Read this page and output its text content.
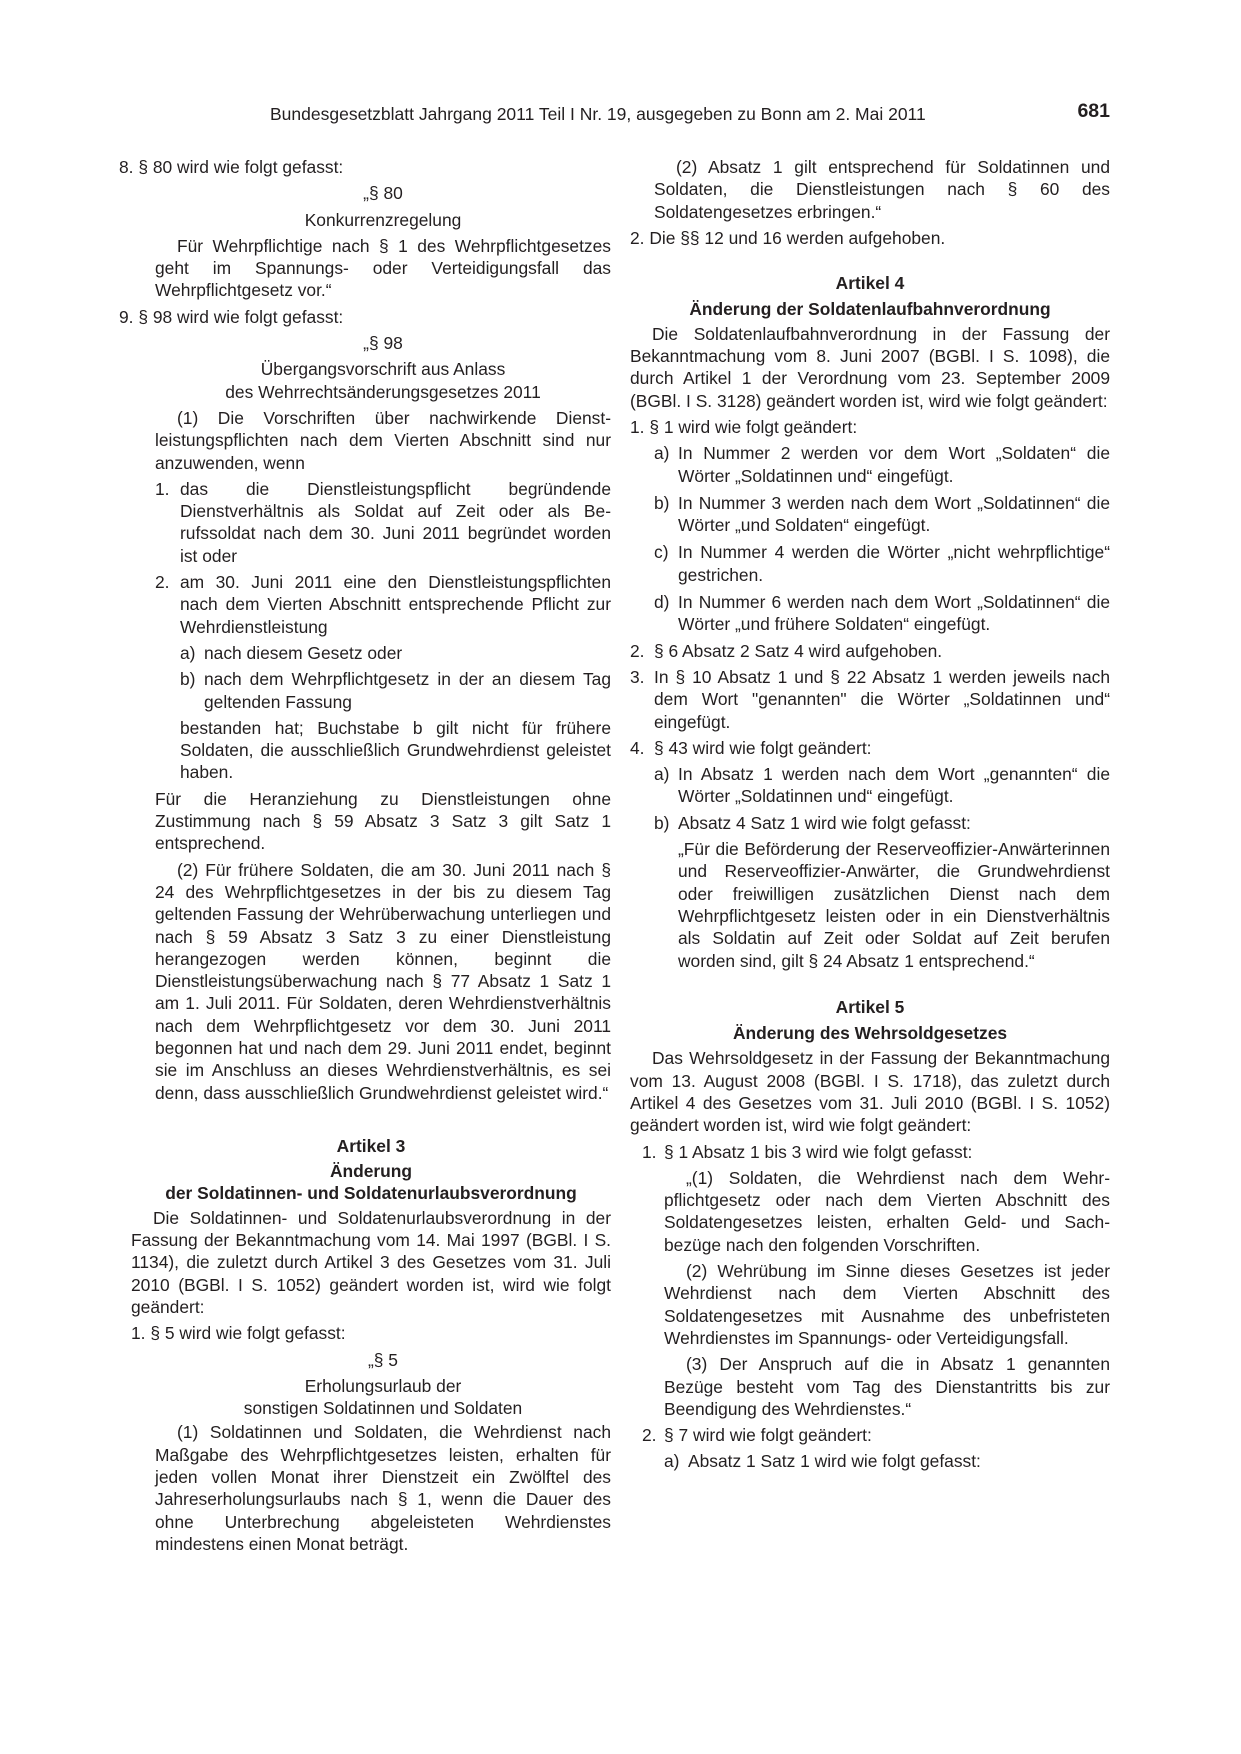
Bundesgesetzblatt Jahrgang 2011 Teil I Nr. 19, ausgegeben zu Bonn am 2. Mai 2011	681

8. § 80 wird wie folgt gefasst:

„§ 80

Konkurrenzregelung

Für Wehrpflichtige nach § 1 des Wehrpflichtgesetzes geht im Spannungs- oder Verteidigungsfall das Wehrpflichtgesetz vor.“

9. § 98 wird wie folgt gefasst:

„§ 98

Übergangsvorschrift aus Anlass

des Wehrrechtsänderungsgesetzes 2011

(1) Die Vorschriften über nachwirkende Dienstleistungspflichten nach dem Vierten Abschnitt sind nur anzuwenden, wenn

1. das die Dienstleistungspflicht begründende Dienstverhältnis als Soldat auf Zeit oder als Berufssoldat nach dem 30. Juni 2011 begründet worden ist oder

2. am 30. Juni 2011 eine den Dienstleistungspflichten nach dem Vierten Abschnitt entsprechende Pflicht zur Wehrdienstleistung

a) nach diesem Gesetz oder

b) nach dem Wehrpflichtgesetz in der an diesem Tag geltenden Fassung

bestanden hat; Buchstabe b gilt nicht für frühere Soldaten, die ausschließlich Grundwehrdienst geleistet haben.

Für die Heranziehung zu Dienstleistungen ohne Zustimmung nach § 59 Absatz 3 Satz 3 gilt Satz 1 entsprechend.

(2) Für frühere Soldaten, die am 30. Juni 2011 nach § 24 des Wehrpflichtgesetzes in der bis zu diesem Tag geltenden Fassung der Wehrüberwachung unterliegen und nach § 59 Absatz 3 Satz 3 zu einer Dienstleistung herangezogen werden können, beginnt die Dienstleistungsüberwachung nach § 77 Absatz 1 Satz 1 am 1. Juli 2011. Für Soldaten, deren Wehrdienstverhältnis nach dem Wehrpflichtgesetz vor dem 30. Juni 2011 begonnen hat und nach dem 29. Juni 2011 endet, beginnt sie im Anschluss an dieses Wehrdienstverhältnis, es sei denn, dass ausschließlich Grundwehrdienst geleistet wird.“

Artikel 3

Änderung

der Soldatinnen- und Soldatenurlaubsverordnung

Die Soldatinnen- und Soldatenurlaubsverordnung in der Fassung der Bekanntmachung vom 14. Mai 1997 (BGBl. I S. 1134), die zuletzt durch Artikel 3 des Gesetzes vom 31. Juli 2010 (BGBl. I S. 1052) geändert worden ist, wird wie folgt geändert:

1. § 5 wird wie folgt gefasst:

„§ 5

Erholungsurlaub der

sonstigen Soldatinnen und Soldaten

(1) Soldatinnen und Soldaten, die Wehrdienst nach Maßgabe des Wehrpflichtgesetzes leisten, erhalten für jeden vollen Monat ihrer Dienstzeit ein Zwölftel des Jahreserholungsurlaubs nach § 1, wenn die Dauer des ohne Unterbrechung abgeleisteten Wehrdienstes mindestens einen Monat beträgt.

(2) Absatz 1 gilt entsprechend für Soldatinnen und Soldaten, die Dienstleistungen nach § 60 des Soldatengesetzes erbringen.“

2. Die §§ 12 und 16 werden aufgehoben.

Artikel 4

Änderung der Soldatenlaufbahnverordnung

Die Soldatenlaufbahnverordnung in der Fassung der Bekanntmachung vom 8. Juni 2007 (BGBl. I S. 1098), die durch Artikel 1 der Verordnung vom 23. September 2009 (BGBl. I S. 3128) geändert worden ist, wird wie folgt geändert:

1. § 1 wird wie folgt geändert:

a) In Nummer 2 werden vor dem Wort „Soldaten“ die Wörter „Soldatinnen und“ eingefügt.

b) In Nummer 3 werden nach dem Wort „Soldatinnen“ die Wörter „und Soldaten“ eingefügt.

c) In Nummer 4 werden die Wörter „nicht wehrpflichtige“ gestrichen.

d) In Nummer 6 werden nach dem Wort „Soldatinnen“ die Wörter „und frühere Soldaten“ eingefügt.

2. § 6 Absatz 2 Satz 4 wird aufgehoben.

3. In § 10 Absatz 1 und § 22 Absatz 1 werden jeweils nach dem Wort "genannten" die Wörter „Soldatinnen und“ eingefügt.

4. § 43 wird wie folgt geändert:

a) In Absatz 1 werden nach dem Wort „genannten“ die Wörter „Soldatinnen und“ eingefügt.

b) Absatz 4 Satz 1 wird wie folgt gefasst:

„Für die Beförderung der Reserveoffizier-Anwärterinnen und Reserveoffizier-Anwärter, die Grundwehrdienst oder freiwilligen zusätzlichen Dienst nach dem Wehrpflichtgesetz leisten oder in ein Dienstverhältnis als Soldatin auf Zeit oder Soldat auf Zeit berufen worden sind, gilt § 24 Absatz 1 entsprechend.“

Artikel 5

Änderung des Wehrsoldgesetzes

Das Wehrsoldgesetz in der Fassung der Bekanntmachung vom 13. August 2008 (BGBl. I S. 1718), das zuletzt durch Artikel 4 des Gesetzes vom 31. Juli 2010 (BGBl. I S. 1052) geändert worden ist, wird wie folgt geändert:

1. § 1 Absatz 1 bis 3 wird wie folgt gefasst:

„(1) Soldaten, die Wehrdienst nach dem Wehrpflichtgesetz oder nach dem Vierten Abschnitt des Soldatengesetzes leisten, erhalten Geld- und Sachbezüge nach den folgenden Vorschriften.

(2) Wehrübung im Sinne dieses Gesetzes ist jeder Wehrdienst nach dem Vierten Abschnitt des Soldatengesetzes mit Ausnahme des unbefristeten Wehrdienstes im Spannungs- oder Verteidigungsfall.

(3) Der Anspruch auf die in Absatz 1 genannten Bezüge besteht vom Tag des Dienstantritts bis zur Beendigung des Wehrdienstes.“

2. § 7 wird wie folgt geändert:

a) Absatz 1 Satz 1 wird wie folgt gefasst:
